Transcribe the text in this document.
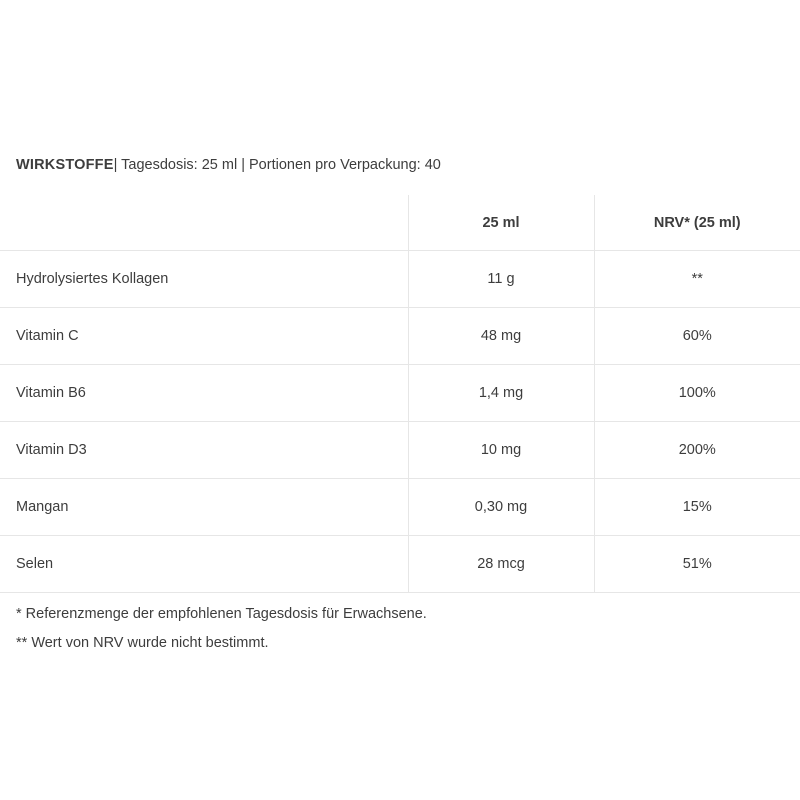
WIRKSTOFFE| Tagesdosis: 25 ml | Portionen pro Verpackung: 40
	25 ml	NRV* (25 ml)
Hydrolysiertes Kollagen	11 g	**
Vitamin C	48 mg	60%
Vitamin B6	1,4 mg	100%
Vitamin D3	10 mg	200%
Mangan	0,30 mg	15%
Selen	28 mcg	51%
* Referenzmenge der empfohlenen Tagesdosis für Erwachsene.
** Wert von NRV wurde nicht bestimmt.
